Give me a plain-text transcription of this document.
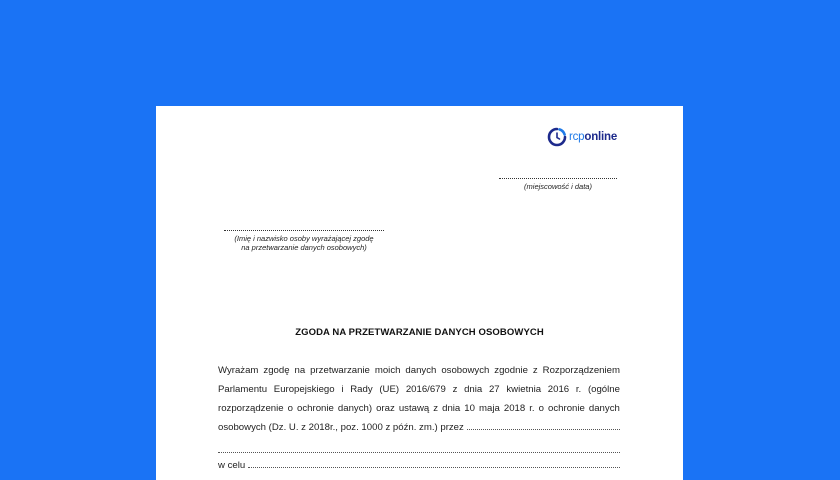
rcponline
(miejscowość i data)
(Imię i nazwisko osoby wyrażającej zgodę
na przetwarzanie danych osobowych)
ZGODA NA PRZETWARZANIE DANYCH OSOBOWYCH
Wyrażam zgodę na przetwarzanie moich danych osobowych zgodnie z Rozporządzeniem
Parlamentu Europejskiego i Rady (UE) 2016/679 z dnia 27 kwietnia 2016 r. (ogólne
rozporządzenie o ochronie danych) oraz ustawą z dnia 10 maja 2018 r. o ochronie danych
osobowych (Dz. U. z 2018r., poz. 1000 z późn. zm.) przez
w celu
